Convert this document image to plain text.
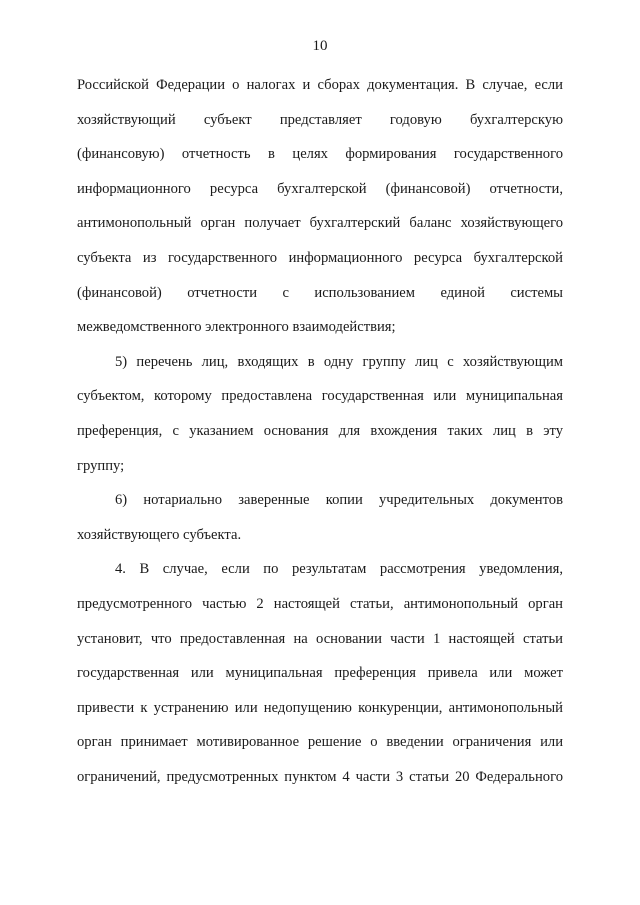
10
Российской Федерации о налогах и сборах документация. В случае, если
хозяйствующий субъект представляет годовую бухгалтерскую
(финансовую) отчетность в целях формирования государственного
информационного ресурса бухгалтерской (финансовой) отчетности,
антимонопольный орган получает бухгалтерский баланс хозяйствующего
субъекта из государственного информационного ресурса бухгалтерской
(финансовой) отчетности с использованием единой системы
межведомственного электронного взаимодействия;
5) перечень лиц, входящих в одну группу лиц с хозяйствующим
субъектом, которому предоставлена государственная или муниципальная
преференция, с указанием основания для вхождения таких лиц в эту
группу;
6) нотариально заверенные копии учредительных документов
хозяйствующего субъекта.
4. В случае, если по результатам рассмотрения уведомления,
предусмотренного частью 2 настоящей статьи, антимонопольный орган
установит, что предоставленная на основании части 1 настоящей статьи
государственная или муниципальная преференция привела или может
привести к устранению или недопущению конкуренции, антимонопольный
орган принимает мотивированное решение о введении ограничения или
ограничений, предусмотренных пунктом 4 части 3 статьи 20 Федерального
